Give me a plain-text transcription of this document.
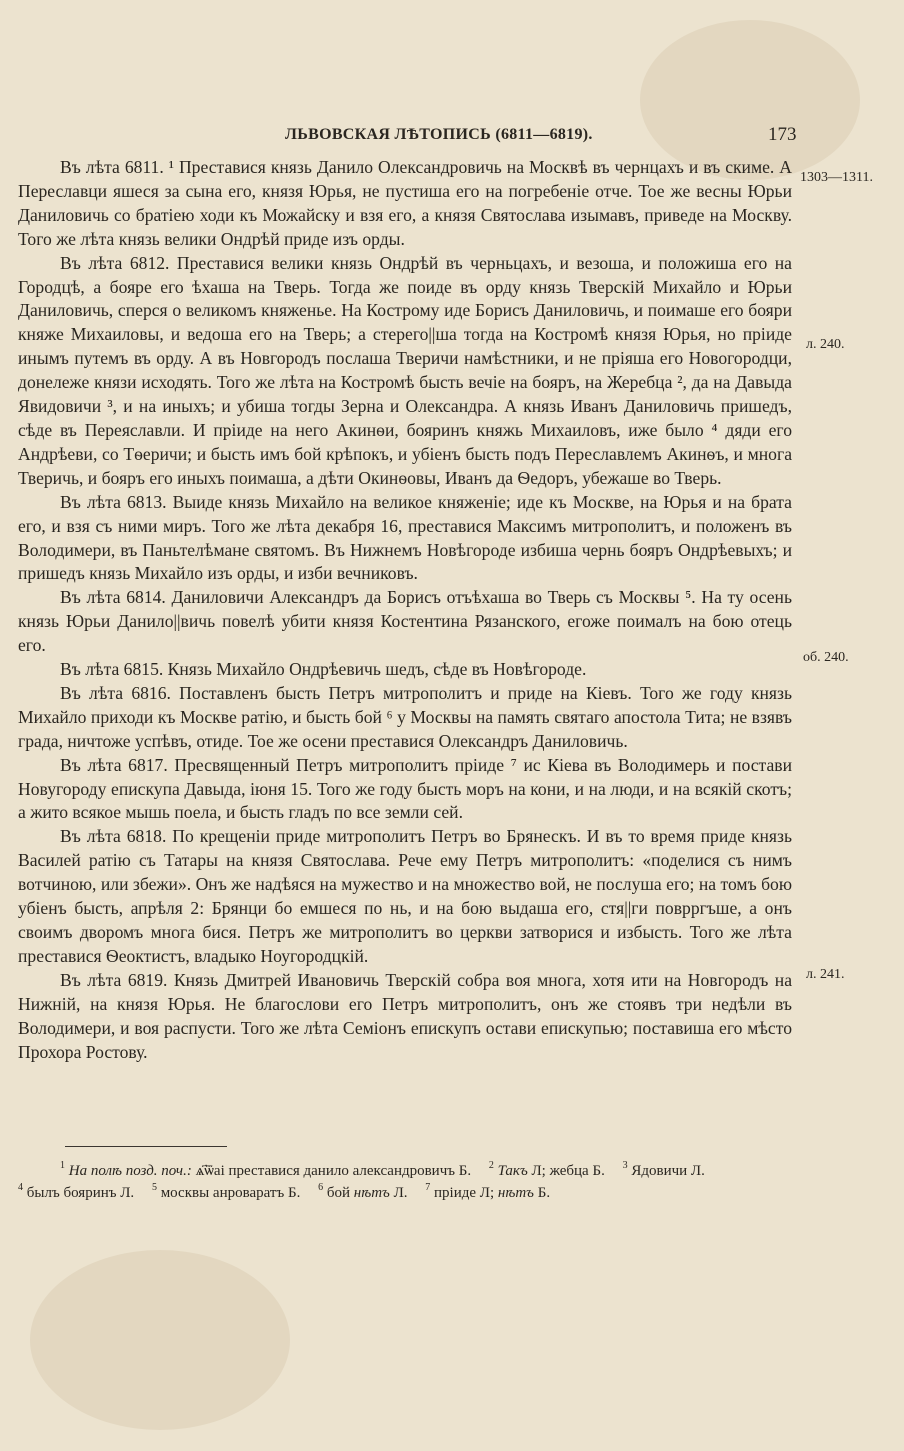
ЛЬВОВСКАЯ ЛѢТОПИСЬ (6811—6819).	173

Въ лѣта 6811. ¹ Преставися князь Данило Олександровичь на Москвѣ въ чернцахъ и въ скиме. А Переславци яшеся за сына его, князя Юрья, не пустиша его на погребеніе отче. Тое же весны Юрьи Даниловичь со братіею ходи къ Можайску и взя его, а князя Святослава изымавъ, приведе на Москву. Того же лѣта князь велики Ондрѣй приде изъ орды.

Въ лѣта 6812. Преставися велики князь Ондрѣй въ черньцахъ, и везоша, и положиша его на Городцѣ, а бояре его ѣхаша на Тверь. Тогда же поиде въ орду князь Тверскій Михайло и Юрьи Даниловичь, сперся о великомъ княженье. На Кострому иде Борисъ Даниловичь, и поимаше его бояри княже Михаиловы, и ведоша его на Тверь; а стерего||ша тогда на Костромѣ князя Юрья, но пріиде инымъ путемъ въ орду. А въ Новгородъ послаша Тверичи намѣстники, и не пріяша его Новогородци, донележе князи исходять. Того же лѣта на Костромѣ бысть вечіе на бояръ, на Жеребца ², да на Давыда Явидовичи ³, и на иныхъ; и убиша тогды Зерна и Олександра. А князь Иванъ Даниловичь пришедъ, сѣде въ Переяславли. И пріиде на него Акинѳи, бояринъ княжь Михаиловъ, иже было ⁴ дяди его Андрѣеви, со Тѳеричи; и бысть имъ бой крѣпокъ, и убіенъ бысть подъ Переславлемъ Акинѳъ, и многа Тверичь, и бояръ его иныхъ поимаша, а дѣти Окинѳовы, Иванъ да Ѳедоръ, убежаше во Тверь.

Въ лѣта 6813. Выиде князь Михайло на великое княженіе; иде къ Москве, на Юрья и на брата его, и взя съ ними миръ. Того же лѣта декабря 16, преставися Максимъ митрополитъ, и положенъ въ Володимери, въ Паньтелѣмане святомъ. Въ Нижнемъ Новѣгороде избиша чернь бояръ Ондрѣевыхъ; и пришедъ князь Михайло изъ орды, и изби вечниковъ.

Въ лѣта 6814. Даниловичи Александръ да Борисъ отъѣхаша во Тверь съ Москвы ⁵. На ту осень князь Юрьи Данило||вичь повелѣ убити князя Костентина Рязанского, егоже поималъ на бою отець его.

Въ лѣта 6815. Князь Михайло Ондрѣевичь шедъ, сѣде въ Новѣгороде.

Въ лѣта 6816. Поставленъ бысть Петръ митрополитъ и приде на Кіевъ. Того же году князь Михайло приходи къ Москве ратію, и бысть бой ⁶ у Москвы на память святаго апостола Тита; не взявъ града, ничтоже успѣвъ, отиде. Тое же осени преставися Олександръ Даниловичь.

Въ лѣта 6817. Пресвященный Петръ митрополитъ пріиде ⁷ ис Кіева въ Володимерь и постави Новугороду епискупа Давыда, іюня 15. Того же году бысть моръ на кони, и на люди, и на всякій скотъ; а жито всякое мышь поела, и бысть гладъ по все земли сей.

Въ лѣта 6818. По крещеніи приде митрополитъ Петръ во Брянескъ. И въ то время приде князь Василей ратію съ Татары на князя Святослава. Рече ему Петръ митрополитъ: «поделися съ нимъ вотчиною, или збежи». Онъ же надѣяся на мужество и на множество вой, не послуша его; на томъ бою убіенъ бысть, апрѣля 2: Брянци бо емшеся по нь, и на бою выдаша его, стя||ги поврргъше, а онъ своимъ дворомъ многа бися. Петръ же митрополитъ во церкви затворися и избысть. Того же лѣта преставися Ѳеоктистъ, владыко Ноугородцкій.

Въ лѣта 6819. Князь Дмитрей Ивановичь Тверскій собра воя многа, хотя ити на Новгородъ на Нижній, на князя Юрья. Не благослови его Петръ митрополитъ, онъ же стоявъ три недѣли въ Володимери, и воя распусти. Того же лѣта Семіонъ епискупъ остави епискупью; поставиша его мѣсто Прохора Ростову.

1303—1311.
л. 240.
об. 240.
л. 241.
$^1$ На полѣ позд. поч.: ѧ҃ѿаі преставися данило александровичъ Б. $^2$ Такъ Л; жебца Б. $^3$ Ядовичи Л.
$^4$ былъ бояринъ Л. $^5$ москвы анроваратъ Б. $^6$ бой нѣтъ Л. $^7$ пріиде Л; нѣтъ Б.
